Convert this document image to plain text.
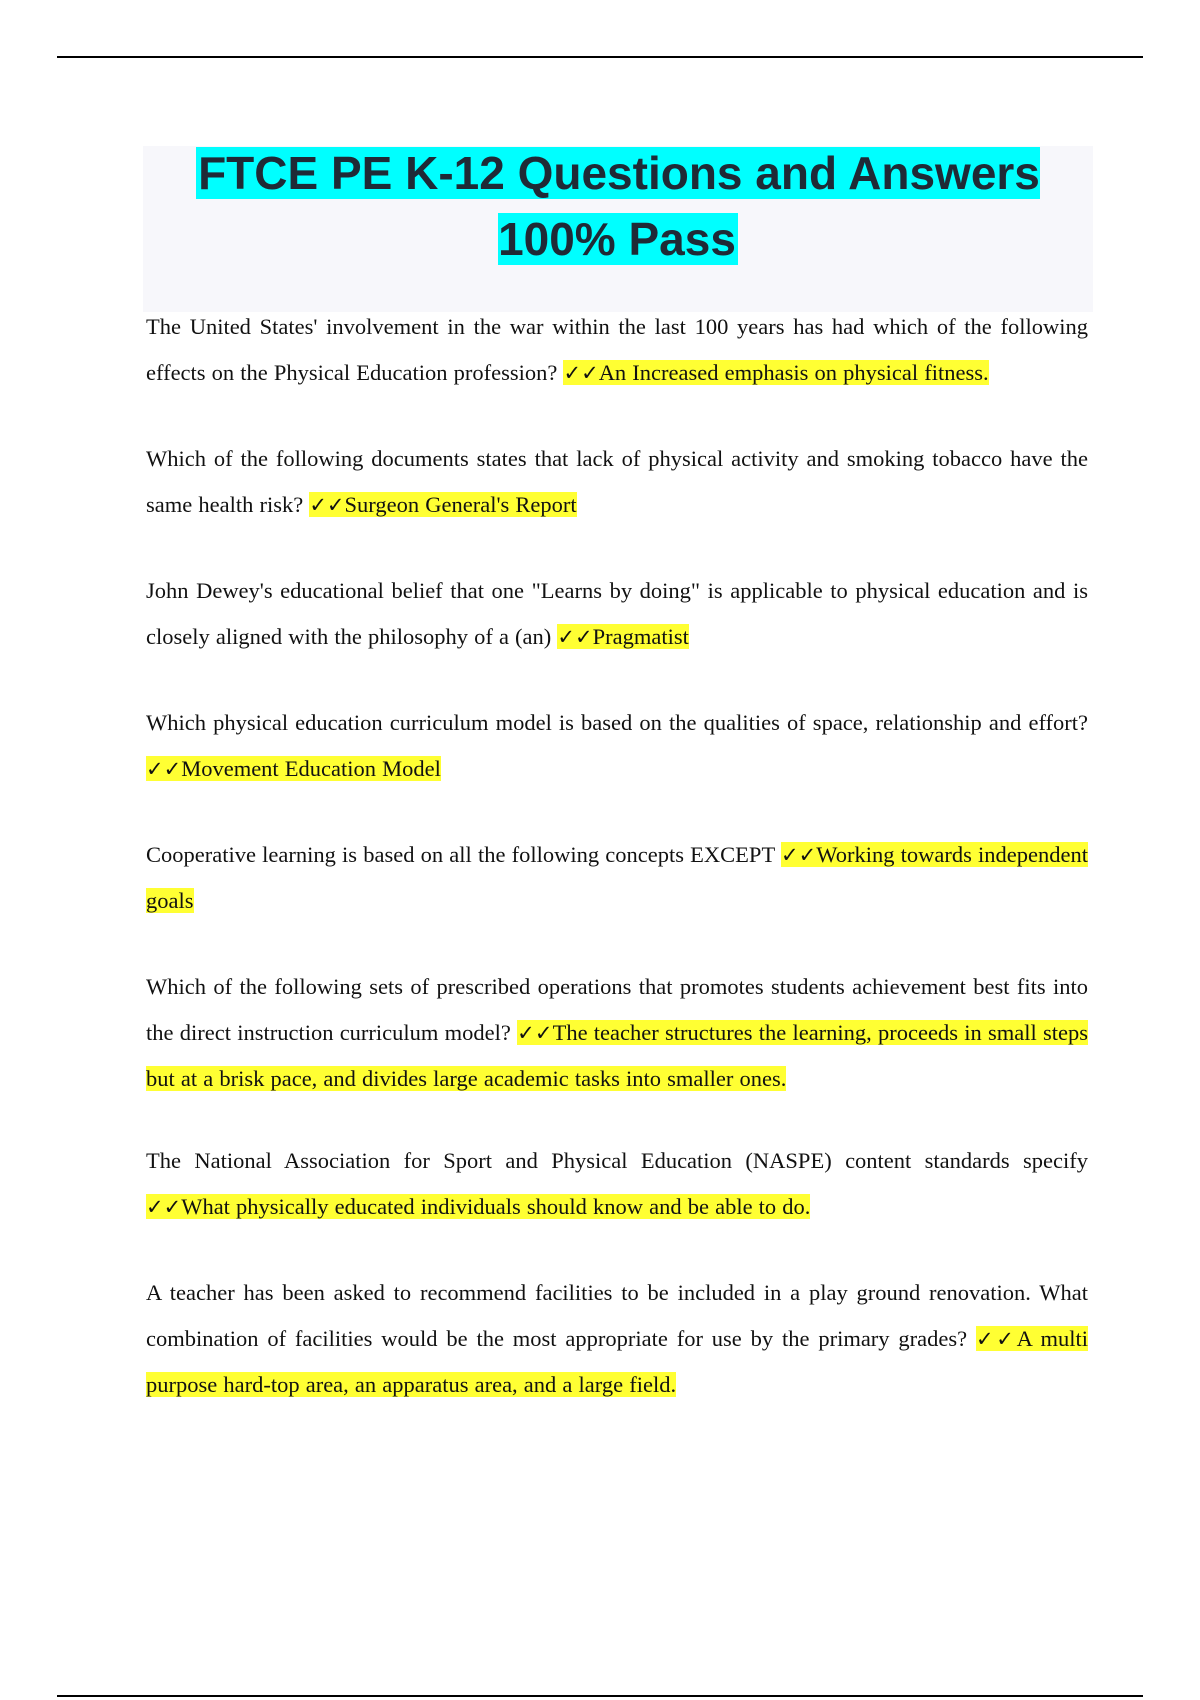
FTCE PE K-12 Questions and Answers 100% Pass

The United States' involvement in the war within the last 100 years has had which of the following effects on the Physical Education profession? ✓✓An Increased emphasis on physical fitness.

Which of the following documents states that lack of physical activity and smoking tobacco have the same health risk? ✓✓Surgeon General's Report

John Dewey's educational belief that one "Learns by doing" is applicable to physical education and is closely aligned with the philosophy of a (an) ✓✓Pragmatist

Which physical education curriculum model is based on the qualities of space, relationship and effort? ✓✓Movement Education Model

Cooperative learning is based on all the following concepts EXCEPT ✓✓Working towards independent goals

Which of the following sets of prescribed operations that promotes students achievement best fits into the direct instruction curriculum model? ✓✓The teacher structures the learning, proceeds in small steps but at a brisk pace, and divides large academic tasks into smaller ones.

The National Association for Sport and Physical Education (NASPE) content standards specify ✓✓What physically educated individuals should know and be able to do.

A teacher has been asked to recommend facilities to be included in a play ground renovation. What combination of facilities would be the most appropriate for use by the primary grades? ✓✓A multi purpose hard-top area, an apparatus area, and a large field.
